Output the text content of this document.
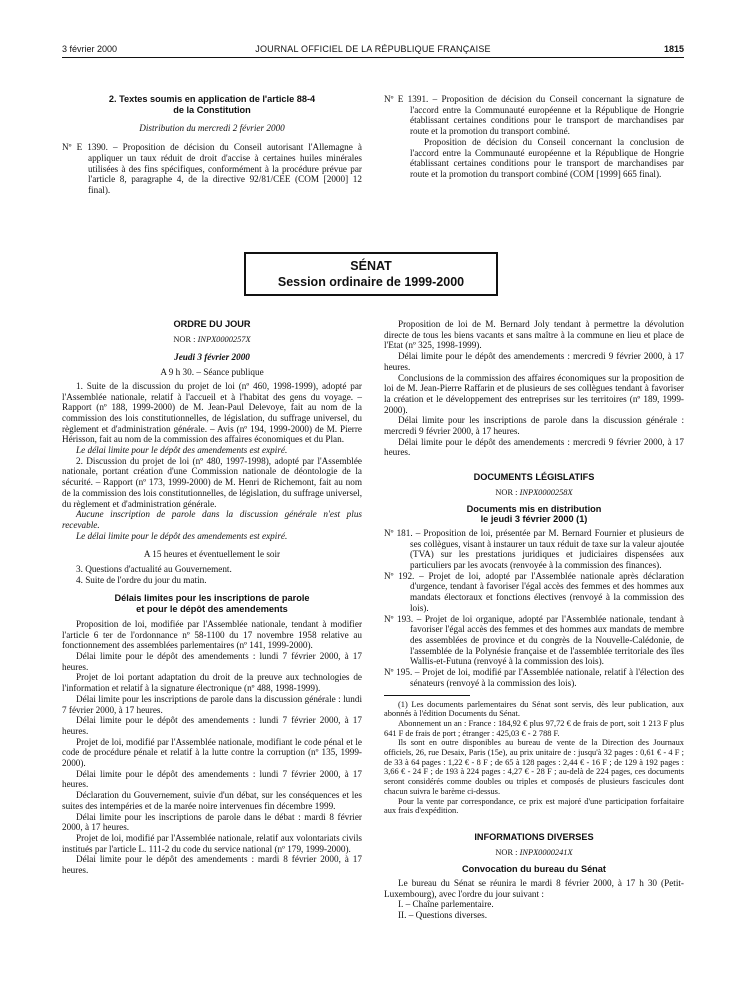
3 février 2000	JOURNAL OFFICIEL DE LA RÉPUBLIQUE FRANÇAISE	1815

2. Textes soumis en application de l'article 88-4

de la Constitution

Distribution du mercredi 2 février 2000

Nº E 1390. – Proposition de décision du Conseil autorisant l'Allemagne à appliquer un taux réduit de droit d'accise à certaines huiles minérales utilisées à des fins spécifiques, conformément à la procédure prévue par l'article 8, paragraphe 4, de la directive 92/81/CEE (COM [2000] 12 final).

Nº E 1391. – Proposition de décision du Conseil concernant la signature de l'accord entre la Communauté européenne et la République de Hongrie établissant certaines conditions pour le transport de marchandises par route et la promotion du transport combiné.

Proposition de décision du Conseil concernant la conclusion de l'accord entre la Communauté européenne et la République de Hongrie établissant certaines conditions pour le transport de marchandises par route et la promotion du transport combiné (COM [1999] 665 final).

SÉNAT
Session ordinaire de 1999-2000

ORDRE DU JOUR

NOR : INPX0000257X

Jeudi 3 février 2000

A 9 h 30. – Séance publique

1. Suite de la discussion du projet de loi (nº 460, 1998-1999), adopté par l'Assemblée nationale, relatif à l'accueil et à l'habitat des gens du voyage. – Rapport (nº 188, 1999-2000) de M. Jean-Paul Delevoye, fait au nom de la commission des lois constitutionnelles, de législation, du suffrage universel, du règlement et d'administration générale. – Avis (nº 194, 1999-2000) de M. Pierre Hérisson, fait au nom de la commission des affaires économiques et du Plan.

Le délai limite pour le dépôt des amendements est expiré.

2. Discussion du projet de loi (nº 480, 1997-1998), adopté par l'Assemblée nationale, portant création d'une Commission nationale de déontologie de la sécurité. – Rapport (nº 173, 1999-2000) de M. Henri de Richemont, fait au nom de la commission des lois constitutionnelles, de législation, du suffrage universel, du règlement et d'administration générale.

Aucune inscription de parole dans la discussion générale n'est plus recevable.

Le délai limite pour le dépôt des amendements est expiré.

A 15 heures et éventuellement le soir

3. Questions d'actualité au Gouvernement.

4. Suite de l'ordre du jour du matin.

Délais limites pour les inscriptions de parole

et pour le dépôt des amendements

Proposition de loi, modifiée par l'Assemblée nationale, tendant à modifier l'article 6 ter de l'ordonnance nº 58-1100 du 17 novembre 1958 relative au fonctionnement des assemblées parlementaires (nº 141, 1999-2000).

Délai limite pour le dépôt des amendements : lundi 7 février 2000, à 17 heures.

Projet de loi portant adaptation du droit de la preuve aux technologies de l'information et relatif à la signature électronique (nº 488, 1998-1999).

Délai limite pour les inscriptions de parole dans la discussion générale : lundi 7 février 2000, à 17 heures.

Délai limite pour le dépôt des amendements : lundi 7 février 2000, à 17 heures.

Projet de loi, modifié par l'Assemblée nationale, modifiant le code pénal et le code de procédure pénale et relatif à la lutte contre la corruption (nº 135, 1999-2000).

Délai limite pour le dépôt des amendements : lundi 7 février 2000, à 17 heures.

Déclaration du Gouvernement, suivie d'un débat, sur les conséquences et les suites des intempéries et de la marée noire intervenues fin décembre 1999.

Délai limite pour les inscriptions de parole dans le débat : mardi 8 février 2000, à 17 heures.

Projet de loi, modifié par l'Assemblée nationale, relatif aux volontariats civils institués par l'article L. 111-2 du code du service national (nº 179, 1999-2000).

Délai limite pour le dépôt des amendements : mardi 8 février 2000, à 17 heures.

Proposition de loi de M. Bernard Joly tendant à permettre la dévolution directe de tous les biens vacants et sans maître à la commune en lieu et place de l'Etat (nº 325, 1998-1999).

Délai limite pour le dépôt des amendements : mercredi 9 février 2000, à 17 heures.

Conclusions de la commission des affaires économiques sur la proposition de loi de M. Jean-Pierre Raffarin et de plusieurs de ses collègues tendant à favoriser la création et le développement des entreprises sur les territoires (nº 189, 1999-2000).

Délai limite pour les inscriptions de parole dans la discussion générale : mercredi 9 février 2000, à 17 heures.

Délai limite pour le dépôt des amendements : mercredi 9 février 2000, à 17 heures.

DOCUMENTS LÉGISLATIFS

NOR : INPX0000258X

Documents mis en distribution

le jeudi 3 février 2000 (1)

Nº 181. – Proposition de loi, présentée par M. Bernard Fournier et plusieurs de ses collègues, visant à instaurer un taux réduit de taxe sur la valeur ajoutée (TVA) sur les prestations juridiques et judiciaires dispensées aux particuliers par les avocats (renvoyée à la commission des finances).

Nº 192. – Projet de loi, adopté par l'Assemblée nationale après déclaration d'urgence, tendant à favoriser l'égal accès des femmes et des hommes aux mandats électoraux et fonctions électives (renvoyé à la commission des lois).

Nº 193. – Projet de loi organique, adopté par l'Assemblée nationale, tendant à favoriser l'égal accès des femmes et des hommes aux mandats de membre des assemblées de province et du congrès de la Nouvelle-Calédonie, de l'assemblée de la Polynésie française et de l'assemblée territoriale des îles Wallis-et-Futuna (renvoyé à la commission des lois).

Nº 195. – Projet de loi, modifié par l'Assemblée nationale, relatif à l'élection des sénateurs (renvoyé à la commission des lois).

(1) Les documents parlementaires du Sénat sont servis, dès leur publication, aux abonnés à l'édition Documents du Sénat.

Abonnement un an : France : 184,92 € plus 97,72 € de frais de port, soit 1 213 F plus 641 F de frais de port ; étranger : 425,03 € - 2 788 F.

Ils sont en outre disponibles au bureau de vente de la Direction des Journaux officiels, 26, rue Desaix, Paris (15e), au prix unitaire de : jusqu'à 32 pages : 0,61 € - 4 F ; de 33 à 64 pages : 1,22 € - 8 F ; de 65 à 128 pages : 2,44 € - 16 F ; de 129 à 192 pages : 3,66 € - 24 F ; de 193 à 224 pages : 4,27 € - 28 F ; au-delà de 224 pages, ces documents seront considérés comme doubles ou triples et composés de plusieurs fascicules dont chacun suivra le barème ci-dessus.

Pour la vente par correspondance, ce prix est majoré d'une participation forfaitaire aux frais d'expédition.

INFORMATIONS DIVERSES

NOR : INPX0000241X

Convocation du bureau du Sénat

Le bureau du Sénat se réunira le mardi 8 février 2000, à 17 h 30 (Petit-Luxembourg), avec l'ordre du jour suivant :

I. – Chaîne parlementaire.

II. – Questions diverses.
